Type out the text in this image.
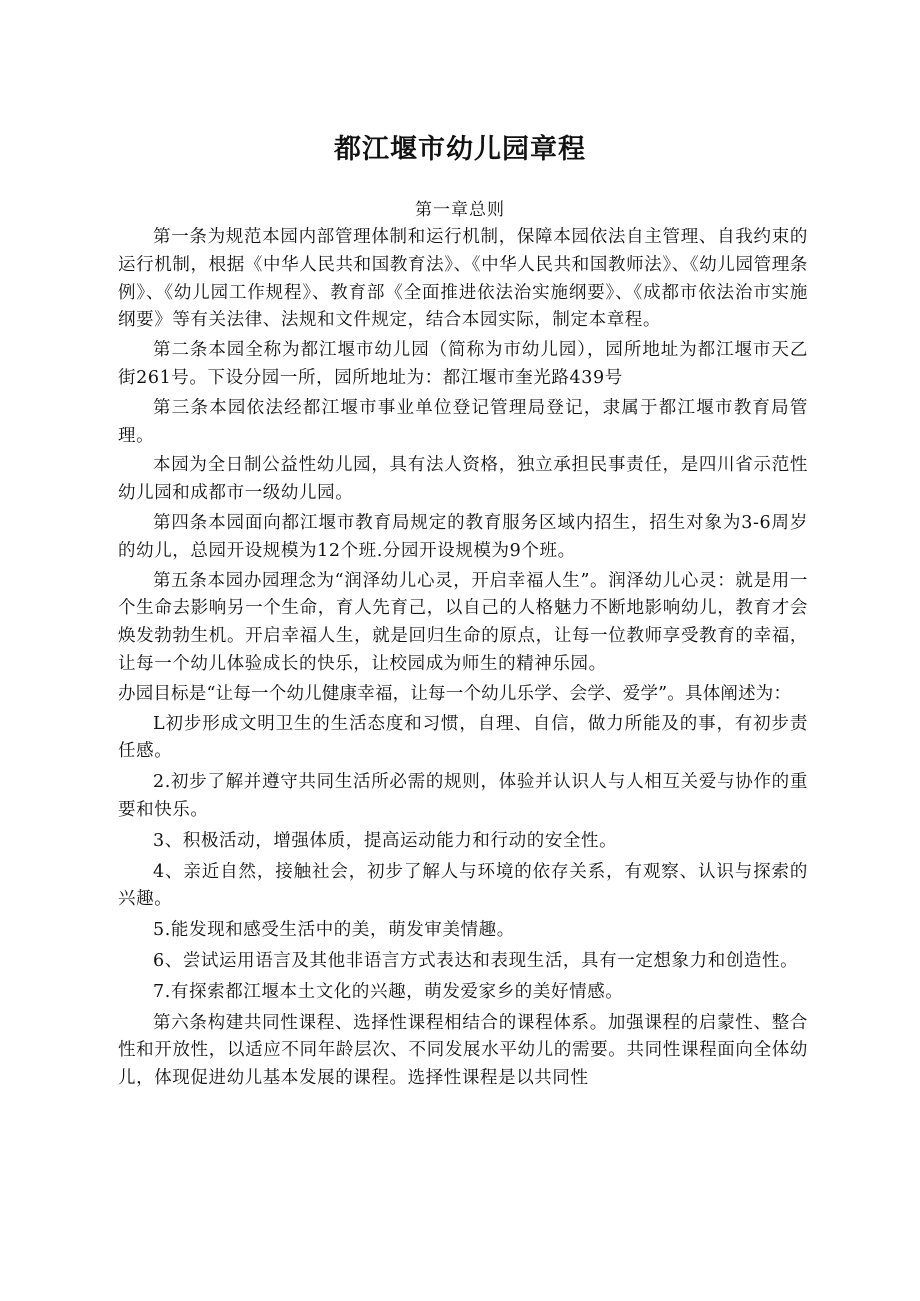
都江堰市幼儿园章程
第一章总则

第一条为规范本园内部管理体制和运行机制，保障本园依法自主管理、自我约束的运行机制，根据《中华人民共和国教育法》、《中华人民共和国教师法》、《幼儿园管理条例》、《幼儿园工作规程》、教育部《全面推进依法治实施纲要》、《成都市依法治市实施纲要》等有关法律、法规和文件规定，结合本园实际，制定本章程。

第二条本园全称为都江堰市幼儿园（简称为市幼儿园），园所地址为都江堰市天乙街261号。下设分园一所，园所地址为：都江堰市奎光路439号

第三条本园依法经都江堰市事业单位登记管理局登记，隶属于都江堰市教育局管理。

本园为全日制公益性幼儿园，具有法人资格，独立承担民事责任，是四川省示范性幼儿园和成都市一级幼儿园。

第四条本园面向都江堰市教育局规定的教育服务区域内招生，招生对象为3-6周岁的幼儿，总园开设规模为12个班.分园开设规模为9个班。

第五条本园办园理念为“润泽幼儿心灵，开启幸福人生”。润泽幼儿心灵：就是用一个生命去影响另一个生命，育人先育己，以自己的人格魅力不断地影响幼儿，教育才会焕发勃勃生机。开启幸福人生，就是回归生命的原点，让每一位教师享受教育的幸福，让每一个幼儿体验成长的快乐，让校园成为师生的精神乐园。

办园目标是“让每一个幼儿健康幸福，让每一个幼儿乐学、会学、爱学”。具体阐述为：

L初步形成文明卫生的生活态度和习惯，自理、自信，做力所能及的事，有初步责任感。

2.初步了解并遵守共同生活所必需的规则，体验并认识人与人相互关爱与协作的重要和快乐。

3、积极活动，增强体质，提高运动能力和行动的安全性。

4、亲近自然，接触社会，初步了解人与环境的依存关系，有观察、认识与探索的兴趣。

5.能发现和感受生活中的美，萌发审美情趣。

6、尝试运用语言及其他非语言方式表达和表现生活，具有一定想象力和创造性。

7.有探索都江堰本土文化的兴趣，萌发爱家乡的美好情感。

第六条构建共同性课程、选择性课程相结合的课程体系。加强课程的启蒙性、整合性和开放性，以适应不同年龄层次、不同发展水平幼儿的需要。共同性课程面向全体幼儿，体现促进幼儿基本发展的课程。选择性课程是以共同性
